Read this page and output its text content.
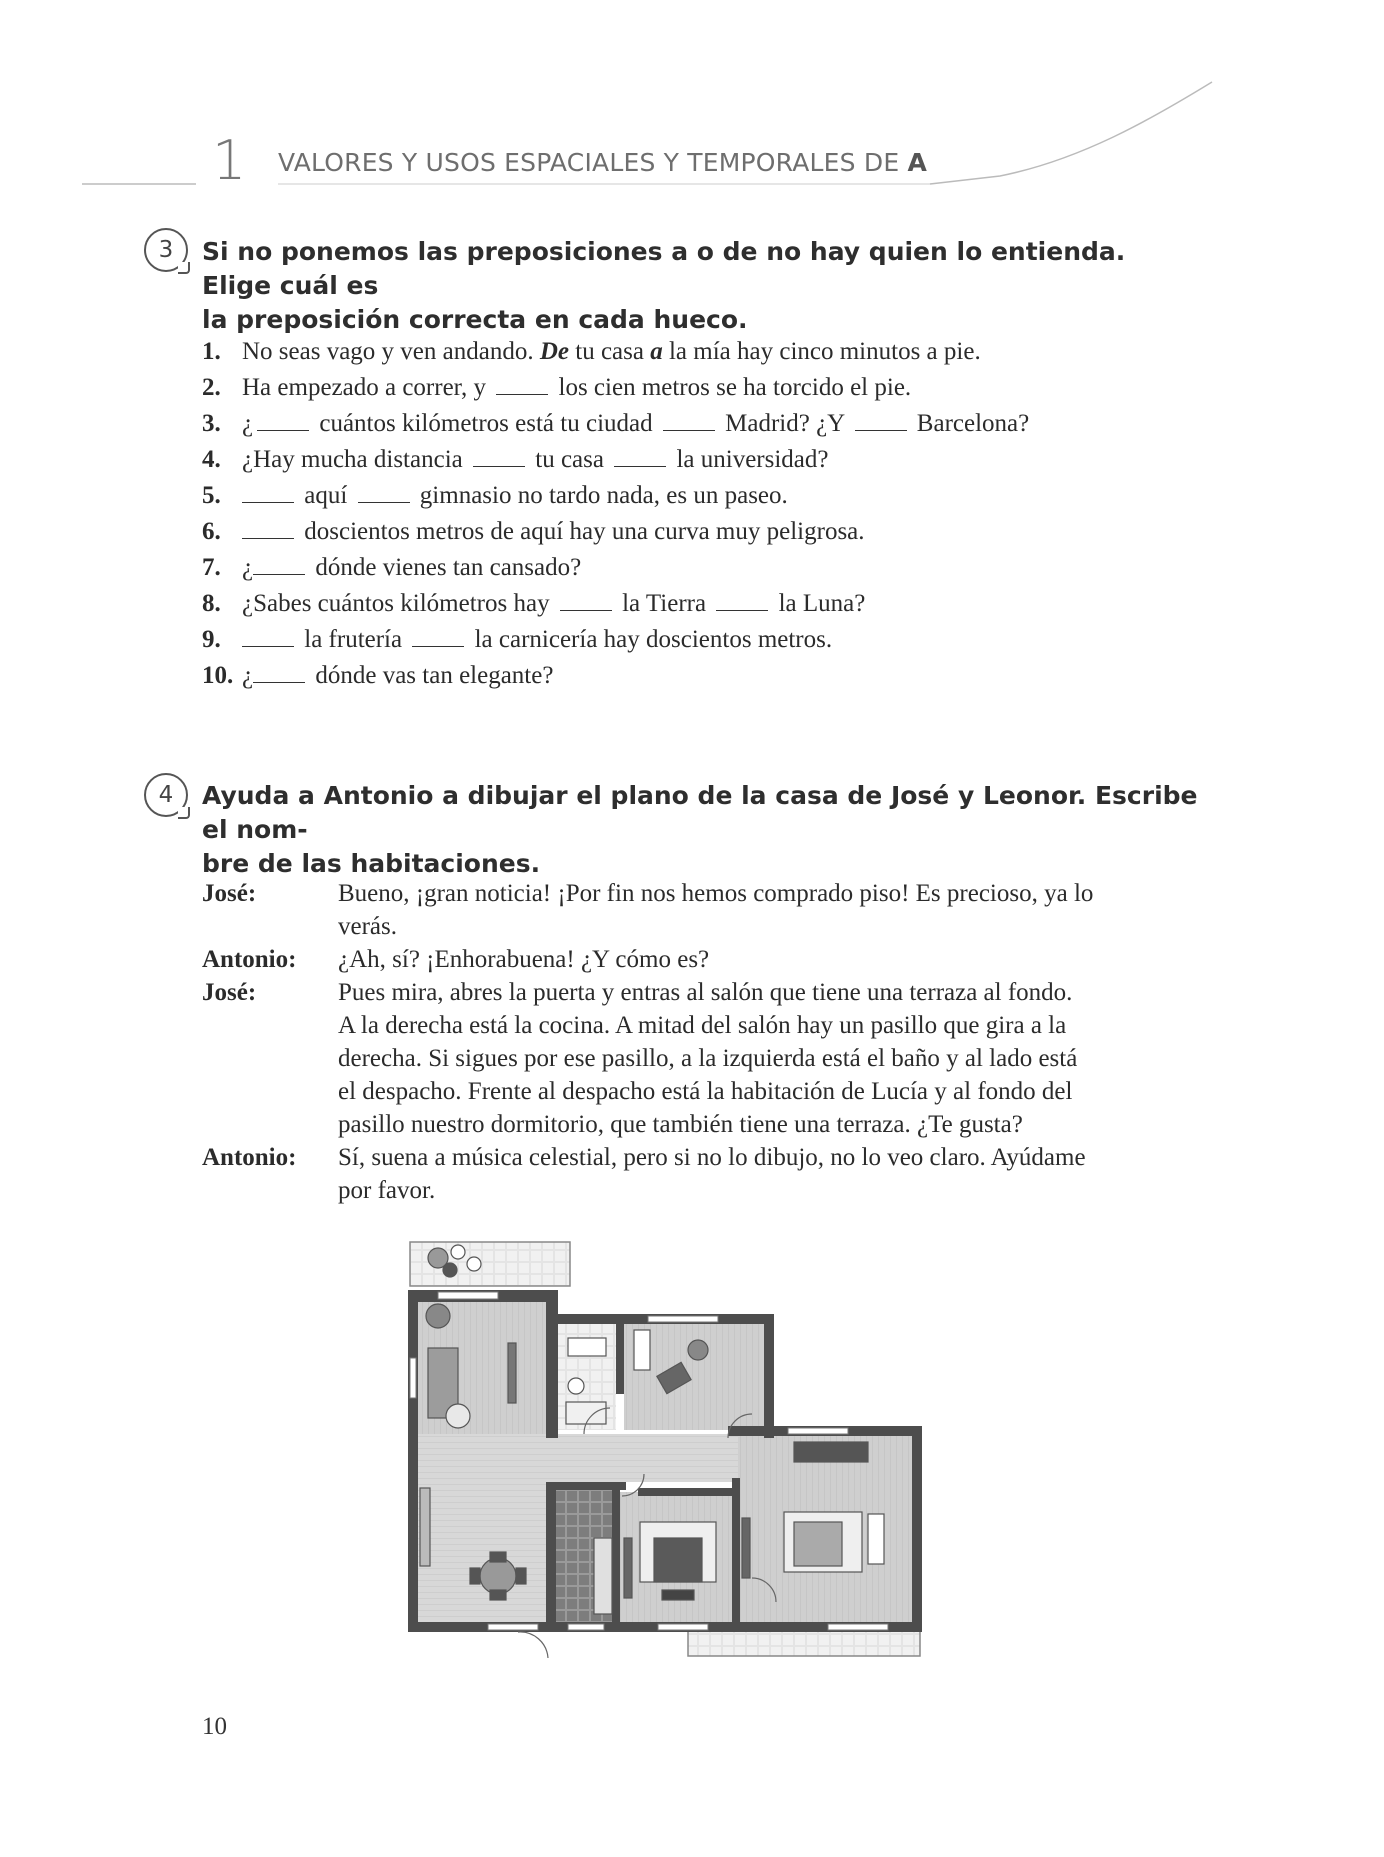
1 VALORES Y USOS ESPACIALES Y TEMPORALES DE A
3	Si no ponemos las preposiciones a o de no hay quien lo entienda. Elige cuál es
la preposición correcta en cada hueco.
1. No seas vago y ven andando. De tu casa a la mía hay cinco minutos a pie.
2. Ha empezado a correr, y  los cien metros se ha torcido el pie.
3. ¿ cuántos kilómetros está tu ciudad  Madrid? ¿Y  Barcelona?
4. ¿Hay mucha distancia  tu casa  la universidad?
5.	aquí  gimnasio no tardo nada, es un paseo.
6.	doscientos metros de aquí hay una curva muy peligrosa.
7. ¿ dónde vienes tan cansado?
8. ¿Sabes cuántos kilómetros hay  la Tierra  la Luna?
9.	la frutería  la carnicería hay doscientos metros.
10. ¿ dónde vas tan elegante?
4	Ayuda a Antonio a dibujar el plano de la casa de José y Leonor. Escribe el nom-
bre de las habitaciones.
José:	Bueno, ¡gran noticia! ¡Por fin nos hemos comprado piso! Es precioso, ya lo
verás.
Antonio: ¿Ah, sí? ¡Enhorabuena! ¿Y cómo es?
José:	Pues mira, abres la puerta y entras al salón que tiene una terraza al fondo.
A la derecha está la cocina. A mitad del salón hay un pasillo que gira a la
derecha. Si sigues por ese pasillo, a la izquierda está el baño y al lado está
el despacho. Frente al despacho está la habitación de Lucía y al fondo del
pasillo nuestro dormitorio, que también tiene una terraza. ¿Te gusta?
Antonio: Sí, suena a música celestial, pero si no lo dibujo, no lo veo claro. Ayúdame
por favor.
10
